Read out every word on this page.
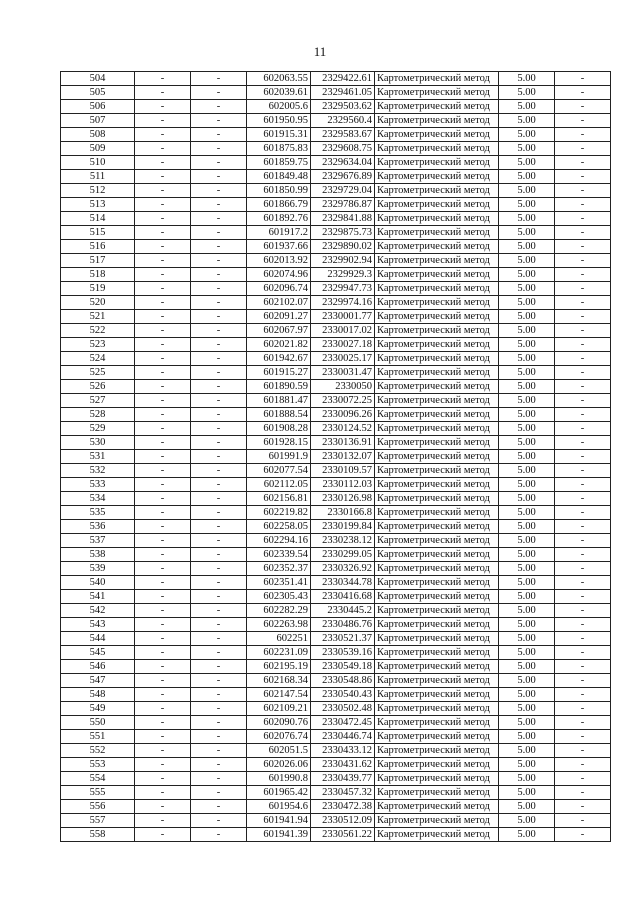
11
504	-	-	602063.55	2329422.61	Картометрический метод	5.00	-
505	-	-	602039.61	2329461.05	Картометрический метод	5.00	-
506	-	-	602005.6	2329503.62	Картометрический метод	5.00	-
507	-	-	601950.95	2329560.4	Картометрический метод	5.00	-
508	-	-	601915.31	2329583.67	Картометрический метод	5.00	-
509	-	-	601875.83	2329608.75	Картометрический метод	5.00	-
510	-	-	601859.75	2329634.04	Картометрический метод	5.00	-
511	-	-	601849.48	2329676.89	Картометрический метод	5.00	-
512	-	-	601850.99	2329729.04	Картометрический метод	5.00	-
513	-	-	601866.79	2329786.87	Картометрический метод	5.00	-
514	-	-	601892.76	2329841.88	Картометрический метод	5.00	-
515	-	-	601917.2	2329875.73	Картометрический метод	5.00	-
516	-	-	601937.66	2329890.02	Картометрический метод	5.00	-
517	-	-	602013.92	2329902.94	Картометрический метод	5.00	-
518	-	-	602074.96	2329929.3	Картометрический метод	5.00	-
519	-	-	602096.74	2329947.73	Картометрический метод	5.00	-
520	-	-	602102.07	2329974.16	Картометрический метод	5.00	-
521	-	-	602091.27	2330001.77	Картометрический метод	5.00	-
522	-	-	602067.97	2330017.02	Картометрический метод	5.00	-
523	-	-	602021.82	2330027.18	Картометрический метод	5.00	-
524	-	-	601942.67	2330025.17	Картометрический метод	5.00	-
525	-	-	601915.27	2330031.47	Картометрический метод	5.00	-
526	-	-	601890.59	2330050	Картометрический метод	5.00	-
527	-	-	601881.47	2330072.25	Картометрический метод	5.00	-
528	-	-	601888.54	2330096.26	Картометрический метод	5.00	-
529	-	-	601908.28	2330124.52	Картометрический метод	5.00	-
530	-	-	601928.15	2330136.91	Картометрический метод	5.00	-
531	-	-	601991.9	2330132.07	Картометрический метод	5.00	-
532	-	-	602077.54	2330109.57	Картометрический метод	5.00	-
533	-	-	602112.05	2330112.03	Картометрический метод	5.00	-
534	-	-	602156.81	2330126.98	Картометрический метод	5.00	-
535	-	-	602219.82	2330166.8	Картометрический метод	5.00	-
536	-	-	602258.05	2330199.84	Картометрический метод	5.00	-
537	-	-	602294.16	2330238.12	Картометрический метод	5.00	-
538	-	-	602339.54	2330299.05	Картометрический метод	5.00	-
539	-	-	602352.37	2330326.92	Картометрический метод	5.00	-
540	-	-	602351.41	2330344.78	Картометрический метод	5.00	-
541	-	-	602305.43	2330416.68	Картометрический метод	5.00	-
542	-	-	602282.29	2330445.2	Картометрический метод	5.00	-
543	-	-	602263.98	2330486.76	Картометрический метод	5.00	-
544	-	-	602251	2330521.37	Картометрический метод	5.00	-
545	-	-	602231.09	2330539.16	Картометрический метод	5.00	-
546	-	-	602195.19	2330549.18	Картометрический метод	5.00	-
547	-	-	602168.34	2330548.86	Картометрический метод	5.00	-
548	-	-	602147.54	2330540.43	Картометрический метод	5.00	-
549	-	-	602109.21	2330502.48	Картометрический метод	5.00	-
550	-	-	602090.76	2330472.45	Картометрический метод	5.00	-
551	-	-	602076.74	2330446.74	Картометрический метод	5.00	-
552	-	-	602051.5	2330433.12	Картометрический метод	5.00	-
553	-	-	602026.06	2330431.62	Картометрический метод	5.00	-
554	-	-	601990.8	2330439.77	Картометрический метод	5.00	-
555	-	-	601965.42	2330457.32	Картометрический метод	5.00	-
556	-	-	601954.6	2330472.38	Картометрический метод	5.00	-
557	-	-	601941.94	2330512.09	Картометрический метод	5.00	-
558	-	-	601941.39	2330561.22	Картометрический метод	5.00	-
